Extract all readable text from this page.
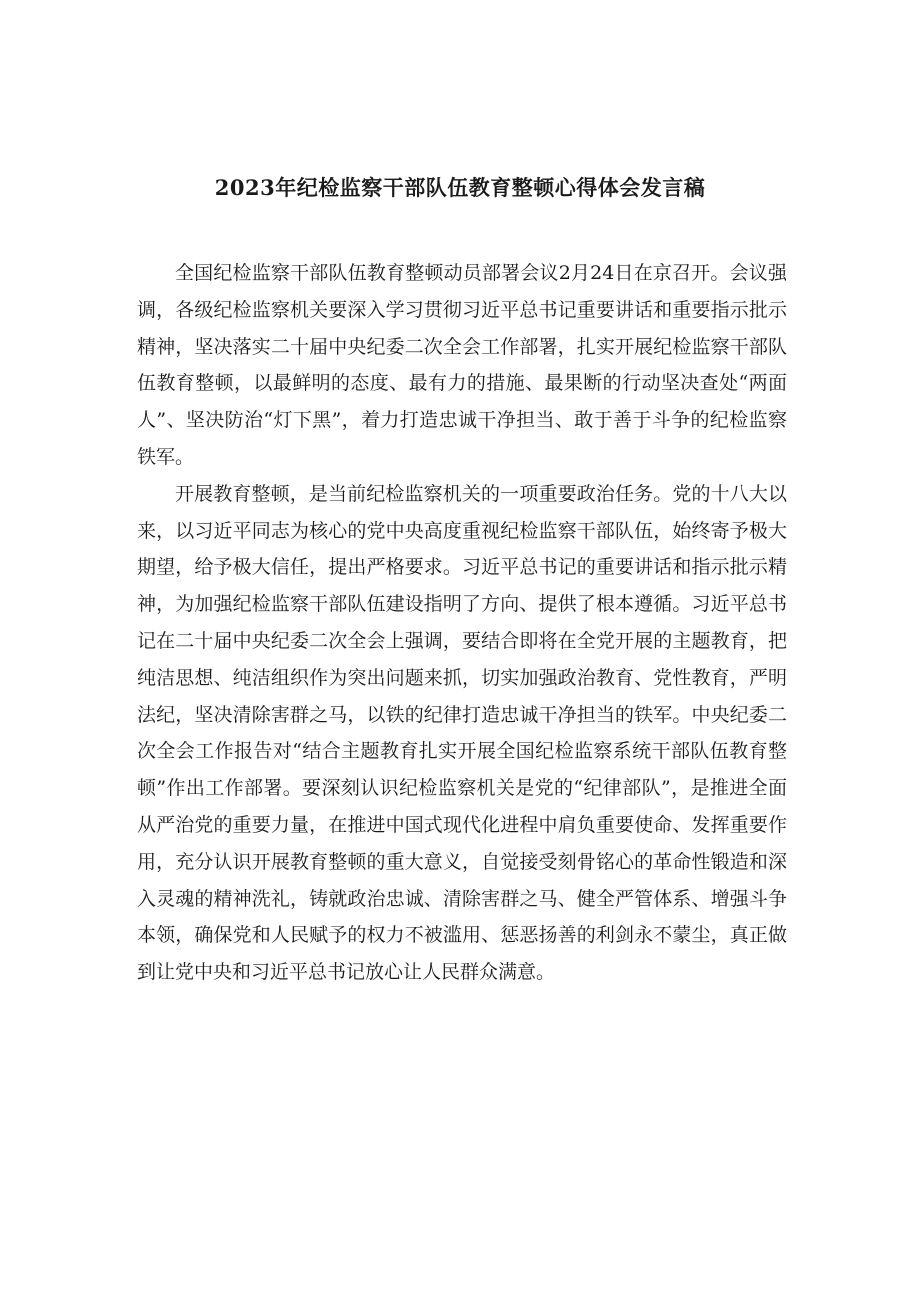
2023年纪检监察干部队伍教育整顿心得体会发言稿

全国纪检监察干部队伍教育整顿动员部署会议2月24日在京召开。会议强调，各级纪检监察机关要深入学习贯彻习近平总书记重要讲话和重要指示批示精神，坚决落实二十届中央纪委二次全会工作部署，扎实开展纪检监察干部队伍教育整顿，以最鲜明的态度、最有力的措施、最果断的行动坚决查处“两面人”、坚决防治“灯下黑”，着力打造忠诚干净担当、敢于善于斗争的纪检监察铁军。

开展教育整顿，是当前纪检监察机关的一项重要政治任务。党的十八大以来，以习近平同志为核心的党中央高度重视纪检监察干部队伍，始终寄予极大期望，给予极大信任，提出严格要求。习近平总书记的重要讲话和指示批示精神，为加强纪检监察干部队伍建设指明了方向、提供了根本遵循。习近平总书记在二十届中央纪委二次全会上强调，要结合即将在全党开展的主题教育，把纯洁思想、纯洁组织作为突出问题来抓，切实加强政治教育、党性教育，严明法纪，坚决清除害群之马，以铁的纪律打造忠诚干净担当的铁军。中央纪委二次全会工作报告对“结合主题教育扎实开展全国纪检监察系统干部队伍教育整顿”作出工作部署。要深刻认识纪检监察机关是党的“纪律部队”，是推进全面从严治党的重要力量，在推进中国式现代化进程中肩负重要使命、发挥重要作用，充分认识开展教育整顿的重大意义，自觉接受刻骨铭心的革命性锻造和深入灵魂的精神洗礼，铸就政治忠诚、清除害群之马、健全严管体系、增强斗争本领，确保党和人民赋予的权力不被滥用、惩恶扬善的利剑永不蒙尘，真正做到让党中央和习近平总书记放心让人民群众满意。
